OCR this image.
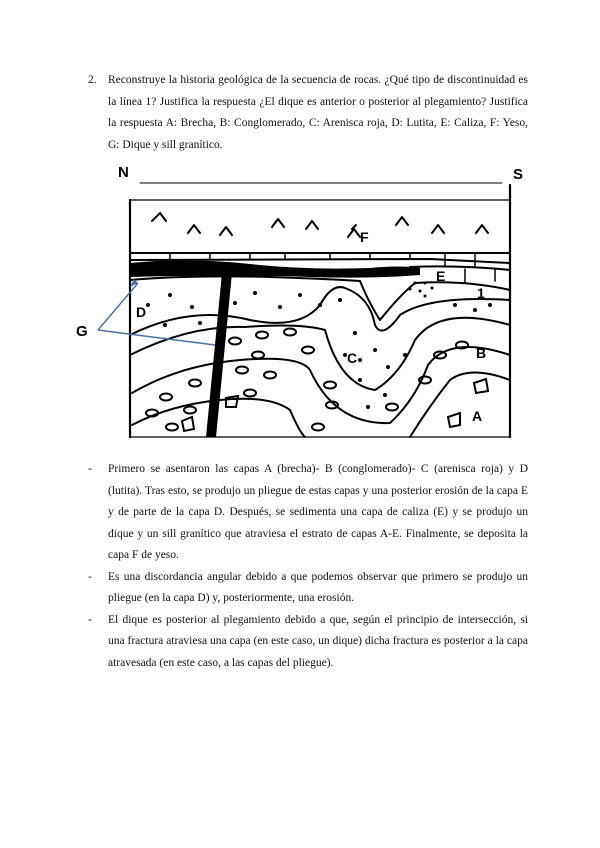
2. Reconstruye la historia geológica de la secuencia de rocas. ¿Qué tipo de discontinuidad es la línea 1? Justifica la respuesta ¿El dique es anterior o posterior al plegamiento? Justifica la respuesta A: Brecha, B: Conglomerado, C: Arenisca roja, D: Lutita, E: Caliza, F: Yeso, G: Dique y sill granítico.
N	S
F
E
1
D
C	B
A
G
- Primero se asentaron las capas A (brecha)- B (conglomerado)- C (arenisca roja) y D (lutita). Tras esto, se produjo un pliegue de estas capas y una posterior erosión de la capa E y de parte de la capa D. Después, se sedimenta una capa de caliza (E) y se produjo un dique y un sill granítico que atraviesa el estrato de capas A-E. Finalmente, se deposita la capa F de yeso.
- Es una discordancia angular debido a que podemos observar que primero se produjo un pliegue (en la capa D) y, posteriormente, una erosión.
- El dique es posterior al plegamiento debido a que, según el principio de intersección, si una fractura atraviesa una capa (en este caso, un dique) dicha fractura es posterior a la capa atravesada (en este caso, a las capas del pliegue).
